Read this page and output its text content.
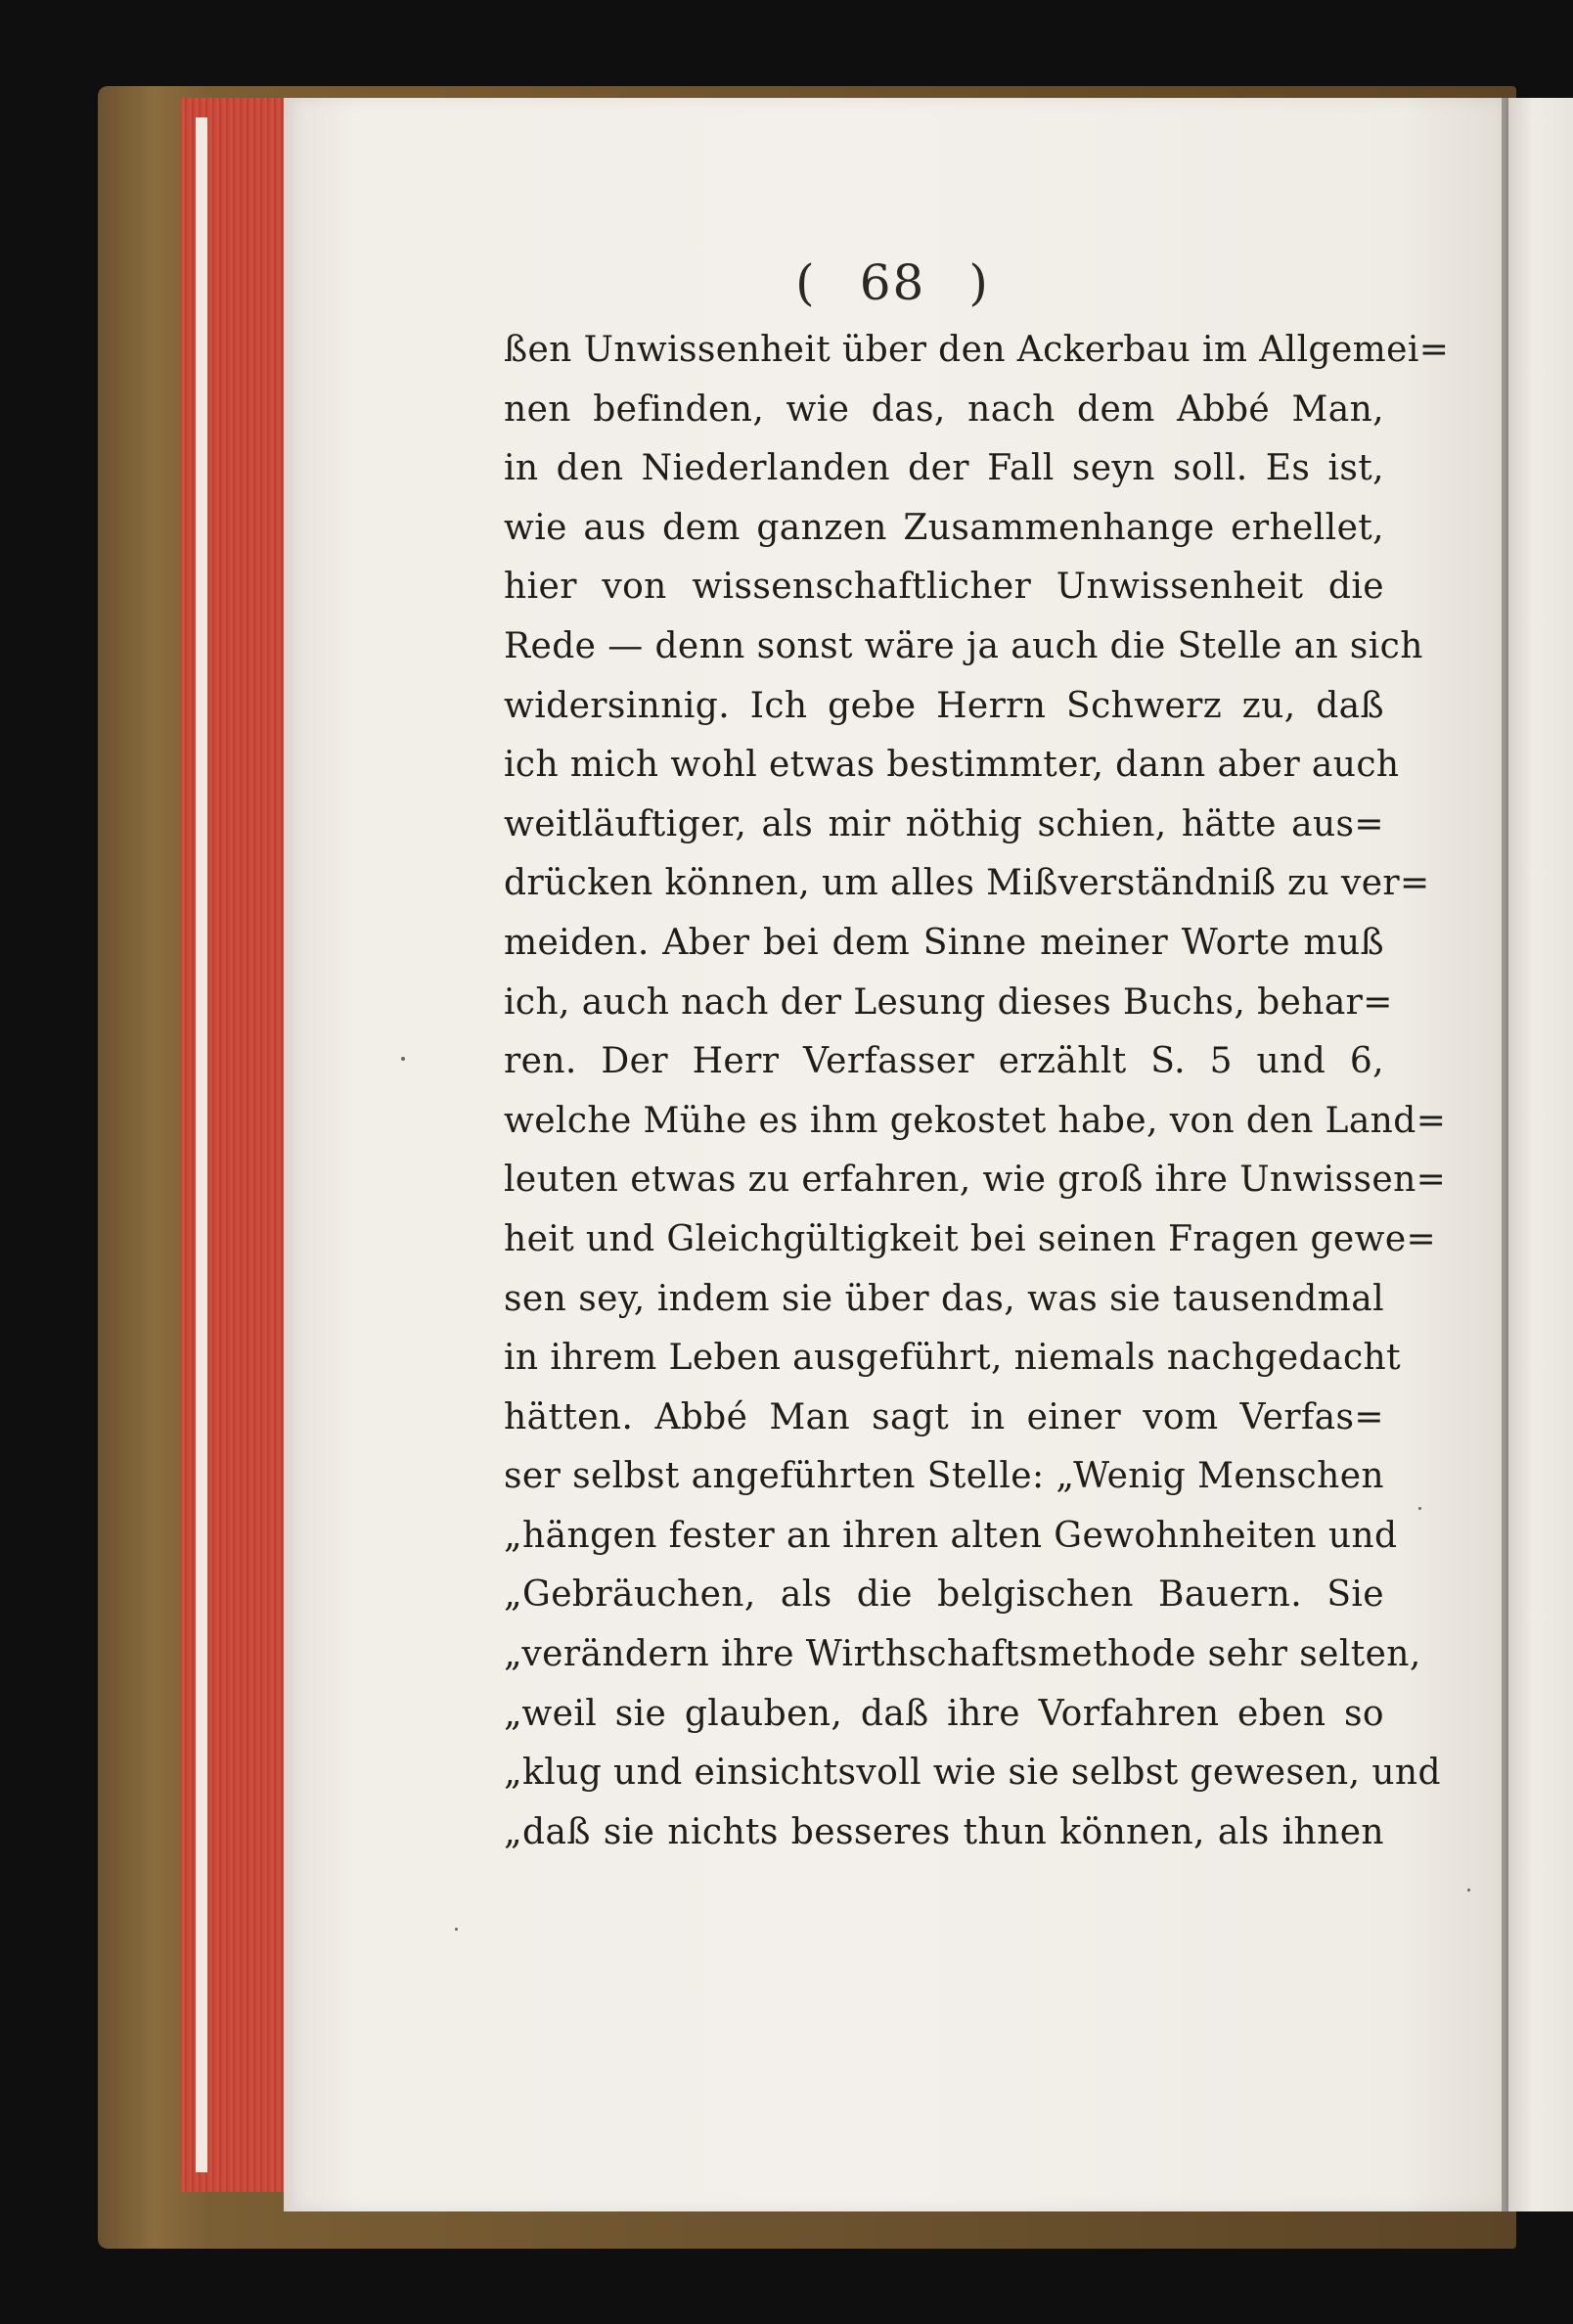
( 68 )
ßen Unwissenheit über den Ackerbau im Allgemei=
nen befinden, wie das, nach dem Abbé Man,
in den Niederlanden der Fall seyn soll. Es ist,
wie aus dem ganzen Zusammenhange erhellet,
hier von wissenschaftlicher Unwissenheit die
Rede — denn sonst wäre ja auch die Stelle an sich
widersinnig. Ich gebe Herrn Schwerz zu, daß
ich mich wohl etwas bestimmter, dann aber auch
weitläuftiger, als mir nöthig schien, hätte aus=
drücken können, um alles Mißverständniß zu ver=
meiden. Aber bei dem Sinne meiner Worte muß
ich, auch nach der Lesung dieses Buchs, behar=
ren. Der Herr Verfasser erzählt S. 5 und 6,
welche Mühe es ihm gekostet habe, von den Land=
leuten etwas zu erfahren, wie groß ihre Unwissen=
heit und Gleichgültigkeit bei seinen Fragen gewe=
sen sey, indem sie über das, was sie tausendmal
in ihrem Leben ausgeführt, niemals nachgedacht
hätten. Abbé Man sagt in einer vom Verfas=
ser selbst angeführten Stelle: „Wenig Menschen
„hängen fester an ihren alten Gewohnheiten und
„Gebräuchen, als die belgischen Bauern. Sie
„verändern ihre Wirthschaftsmethode sehr selten,
„weil sie glauben, daß ihre Vorfahren eben so
„klug und einsichtsvoll wie sie selbst gewesen, und
„daß sie nichts besseres thun können, als ihnen
